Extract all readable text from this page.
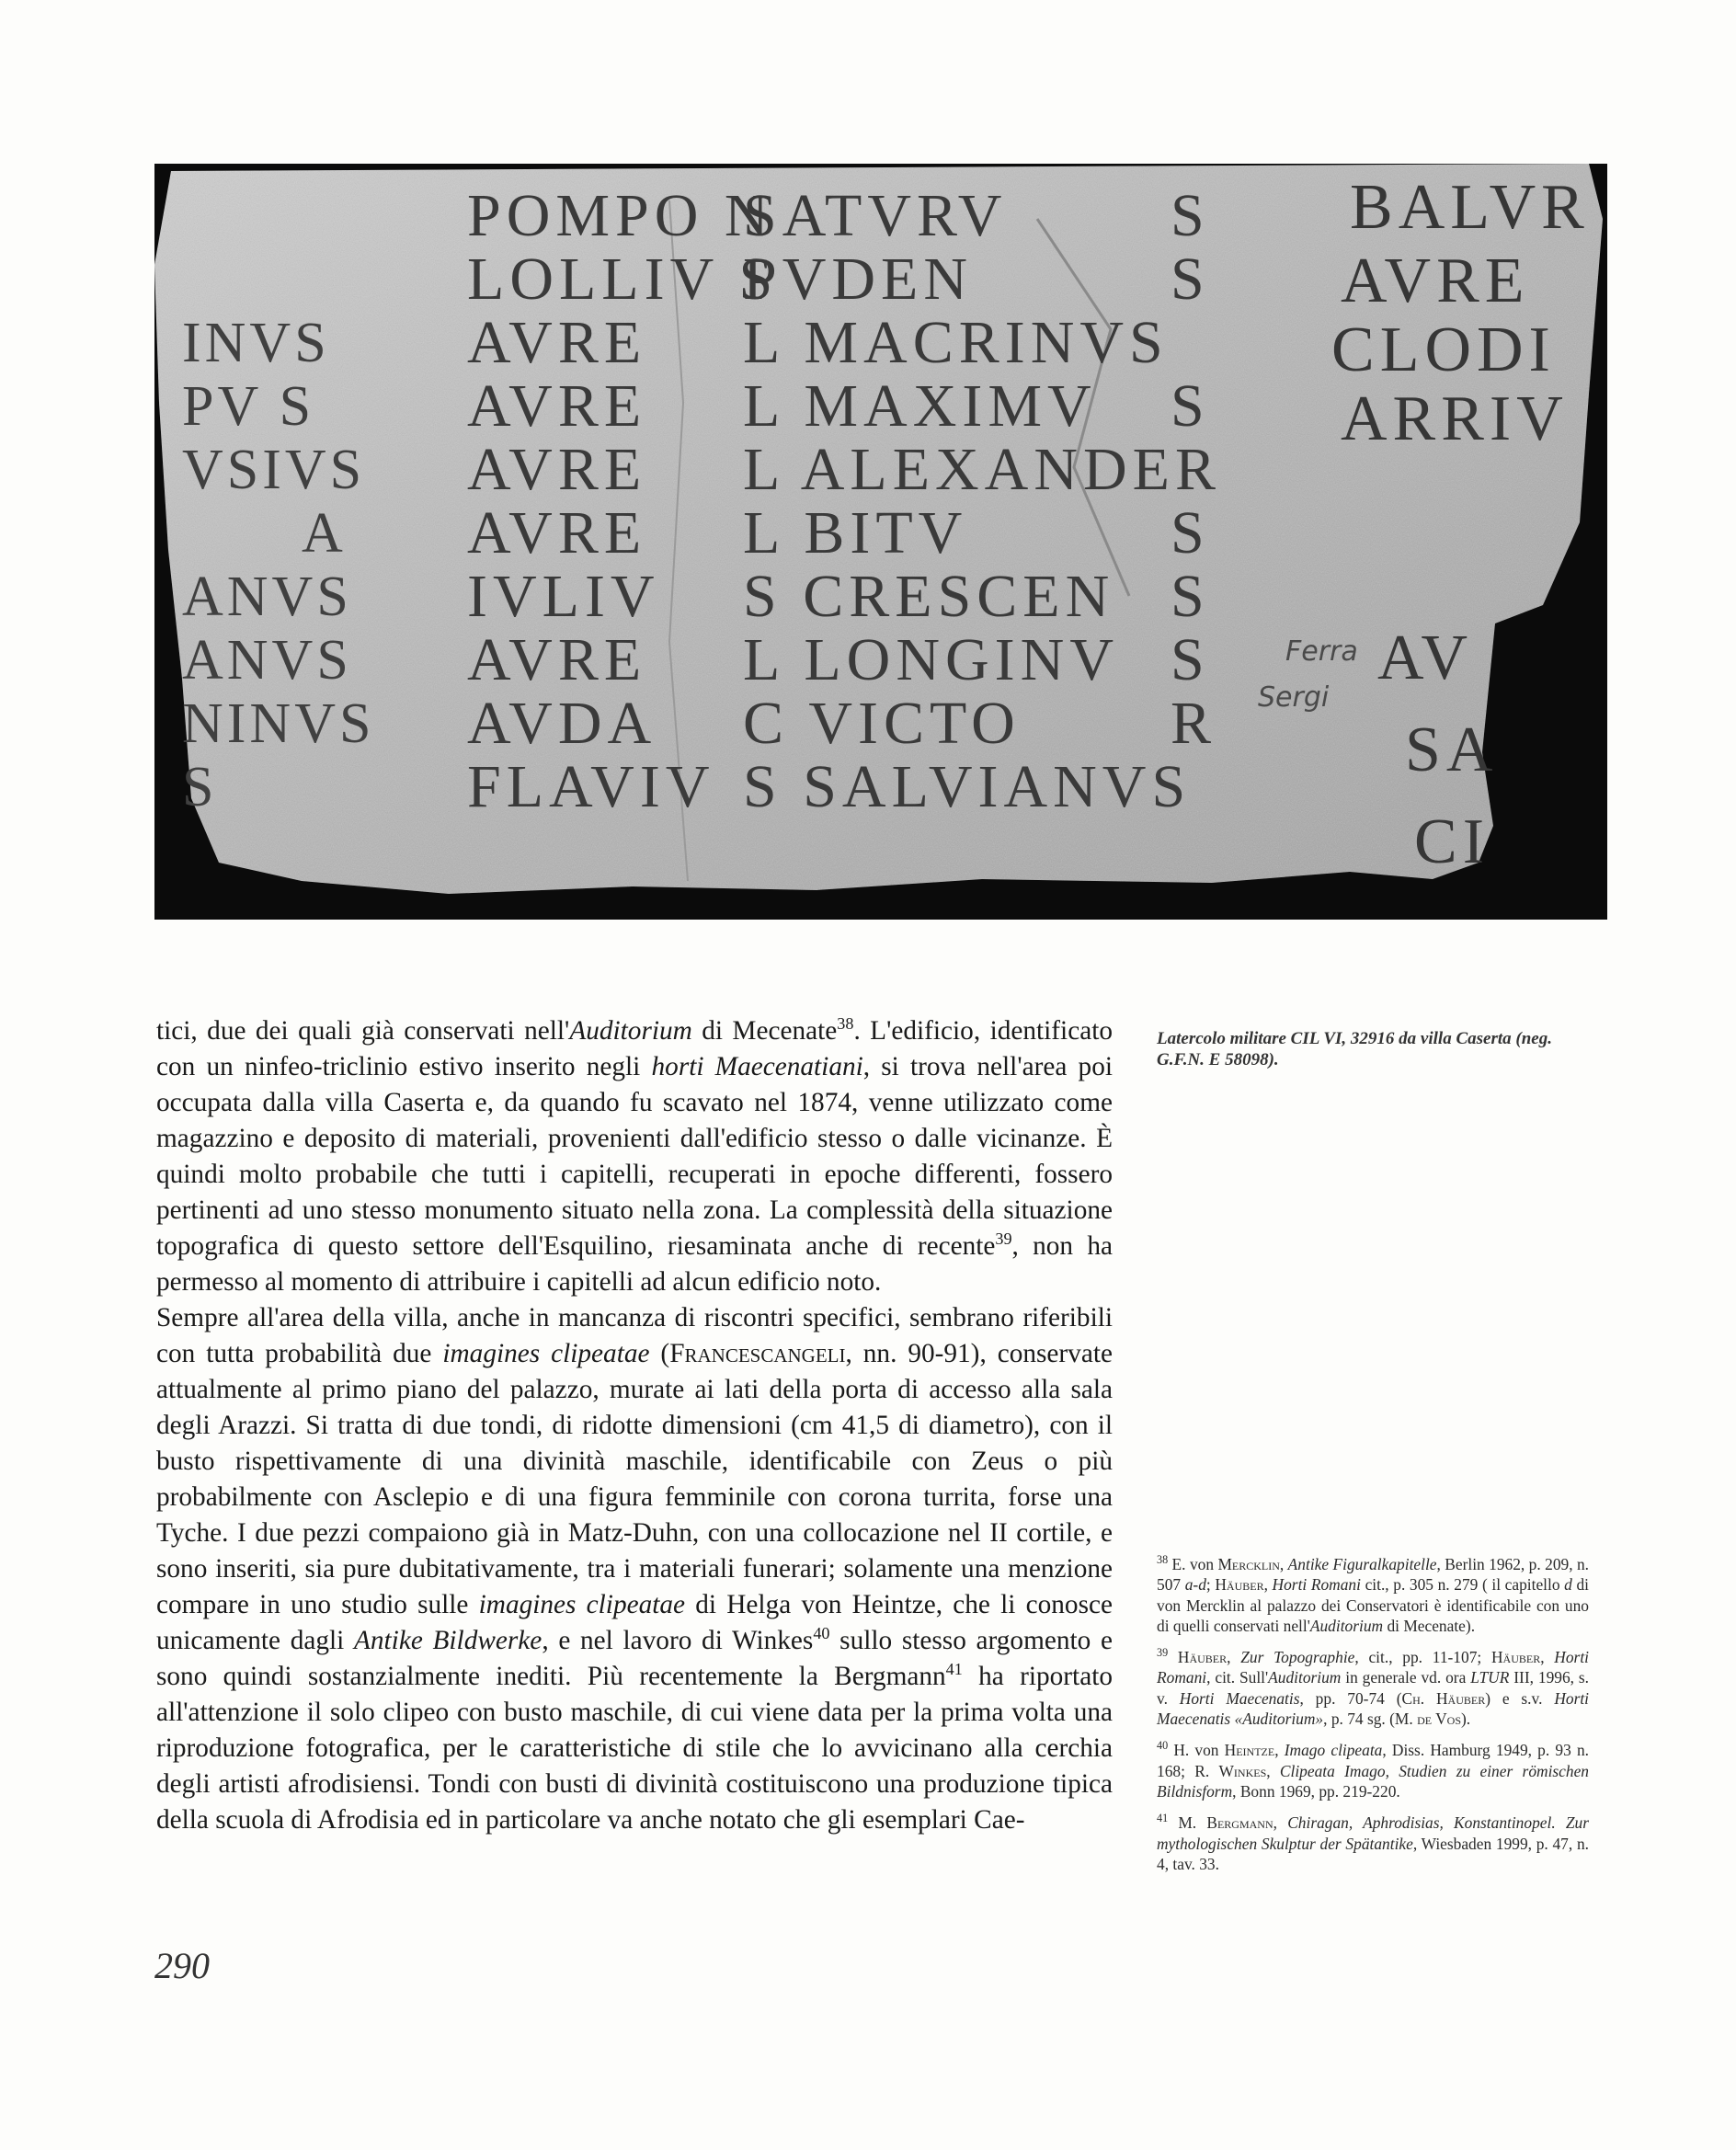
POMPO N
SATVRV	S
LOLLIV S
PVDEN	S
AVRE L MACRINVS
AVRE L MAXIMV S
AVRE L ALEXANDER
AVRE L BITV	S
IVLIV S CRESCEN S
AVRE L LONGINV S
AVDA C VICTO R
FLAVIV S SALVIANVS
INVS
PV S
VSIVS
A
ANVS
ANVS
NINVS
S
BALVR
AVRE
CLODI
ARRIV
AV
SA
CI
Ferra
Sergi

tici, due dei quali già conservati nell'Auditorium di Mecenate$^{38}$. L'edificio, identificato con un ninfeo-triclinio estivo inserito negli horti Maecenatiani, si trova nell'area poi occupata dalla villa Caserta e, da quando fu scavato nel 1874, venne utilizzato come magazzino e deposito di materiali, provenienti dall'edificio stesso o dalle vicinanze. È quindi molto probabile che tutti i capitelli, recuperati in epoche differenti, fossero pertinenti ad uno stesso monumento situato nella zona. La complessità della situazione topografica di questo settore dell'Esquilino, riesaminata anche di recente$^{39}$, non ha permesso al momento di attribuire i capitelli ad alcun edificio noto.

Sempre all'area della villa, anche in mancanza di riscontri specifici, sembrano riferibili con tutta probabilità due imagines clipeatae (Francescangeli, nn. 90-91), conservate attualmente al primo piano del palazzo, murate ai lati della porta di accesso alla sala degli Arazzi. Si tratta di due tondi, di ridotte dimensioni (cm 41,5 di diametro), con il busto rispettivamente di una divinità maschile, identificabile con Zeus o più probabilmente con Asclepio e di una figura femminile con corona turrita, forse una Tyche. I due pezzi compaiono già in Matz-Duhn, con una collocazione nel II cortile, e sono inseriti, sia pure dubitativamente, tra i materiali funerari; solamente una menzione compare in uno studio sulle imagines clipeatae di Helga von Heintze, che li conosce unicamente dagli Antike Bildwerke, e nel lavoro di Winkes$^{40}$ sullo stesso argomento e sono quindi sostanzialmente inediti. Più recentemente la Bergmann$^{41}$ ha riportato all'attenzione il solo clipeo con busto maschile, di cui viene data per la prima volta una riproduzione fotografica, per le caratteristiche di stile che lo avvicinano alla cerchia degli artisti afrodisiensi. Tondi con busti di divinità costituiscono una produzione tipica della scuola di Afrodisia ed in particolare va anche notato che gli esemplari Cae-

Latercolo militare CIL VI, 32916 da villa Caserta (neg. G.F.N. E 58098).

$^{38}$ E. von Mercklin, Antike Figuralkapitelle, Berlin 1962, p. 209, n. 507 a-d; Häuber, Horti Romani cit., p. 305 n. 279 ( il capitello d di von Mercklin al palazzo dei Conservatori è identificabile con uno di quelli conservati nell'Auditorium di Mecenate).

$^{39}$ Häuber, Zur Topographie, cit., pp. 11-107; Häuber, Horti Romani, cit. Sull'Auditorium in generale vd. ora LTUR III, 1996, s. v. Horti Maecenatis, pp. 70-74 (Ch. Häuber) e s.v. Horti Maecenatis «Auditorium», p. 74 sg. (M. de Vos).

$^{40}$ H. von Heintze, Imago clipeata, Diss. Hamburg 1949, p. 93 n. 168; R. Winkes, Clipeata Imago, Studien zu einer römischen Bildnisform, Bonn 1969, pp. 219-220.

$^{41}$ M. Bergmann, Chiragan, Aphrodisias, Konstantinopel. Zur mythologischen Skulptur der Spätantike, Wiesbaden 1999, p. 47, n. 4, tav. 33.

290
